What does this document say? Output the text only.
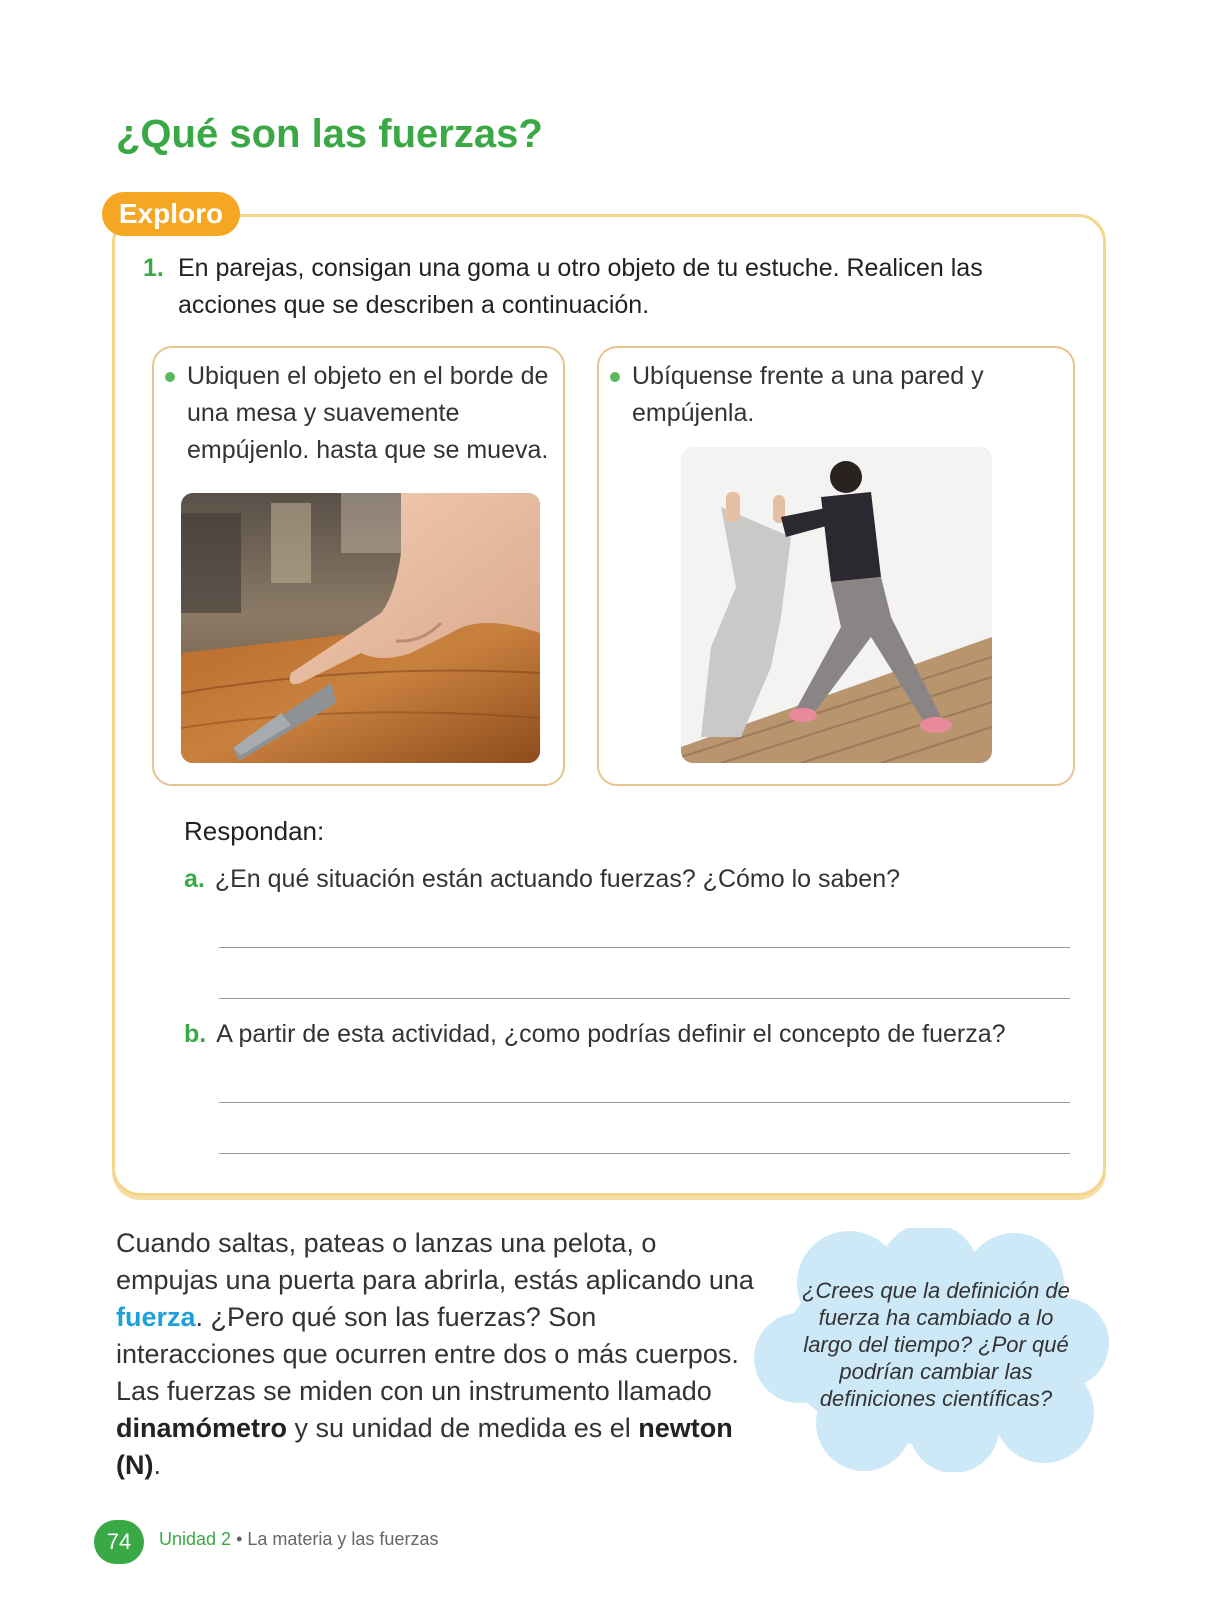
¿Qué son las fuerzas?
Exploro
1. En parejas, consigan una goma u otro objeto de tu estuche. Realicen las acciones que se describen a continuación.
Ubiquen el objeto en el borde de una mesa y suavemente empújenlo. hasta que se mueva.
Ubíquense frente a una pared y empújenla.
Respondan:
a. ¿En qué situación están actuando fuerzas? ¿Cómo lo saben?
b. A partir de esta actividad, ¿como podrías definir el concepto de fuerza?

Cuando saltas, pateas o lanzas una pelota, o empujas una puerta para abrirla, estás aplicando una fuerza. ¿Pero qué son las fuerzas? Son interacciones que ocurren entre dos o más cuerpos. Las fuerzas se miden con un instrumento llamado dinamómetro y su unidad de medida es el newton (N).

¿Crees que la definición de fuerza ha cambiado a lo largo del tiempo? ¿Por qué podrían cambiar las definiciones científicas?
74	Unidad 2 • La materia y las fuerzas
